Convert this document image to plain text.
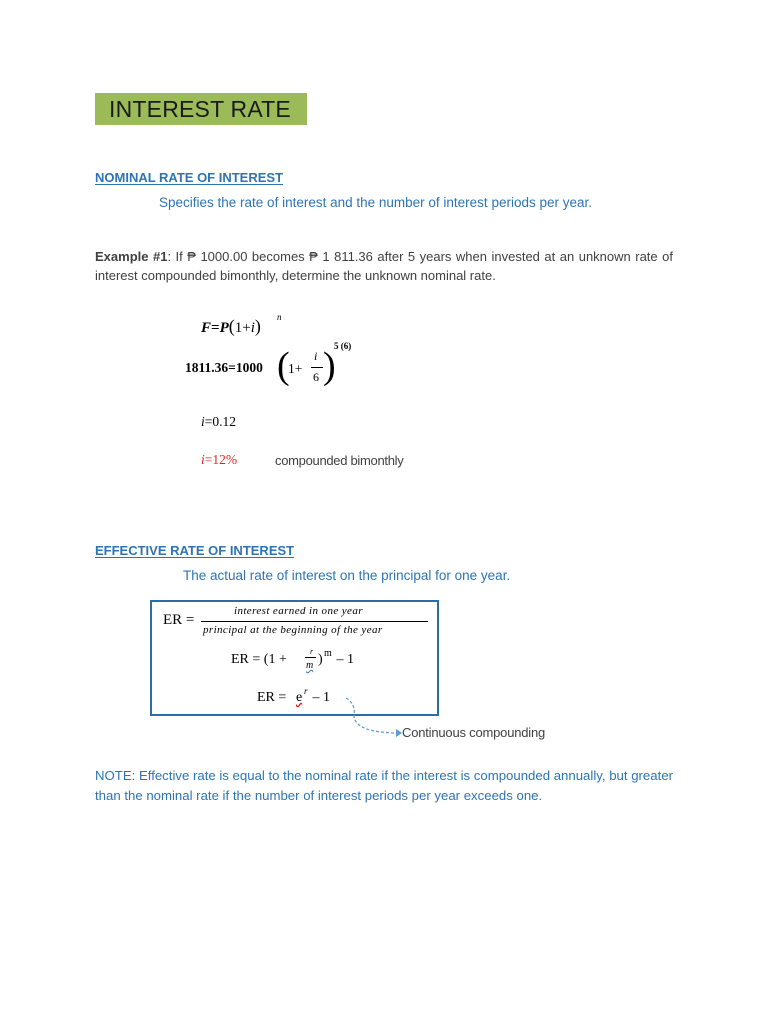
INTEREST RATE
NOMINAL RATE OF INTEREST
Specifies the rate of interest and the number of interest periods per year.
Example #1: If ₱ 1000.00 becomes ₱ 1 811.36 after 5 years when invested at an unknown rate of interest compounded bimonthly, determine the unknown nominal rate.
F=P(1+i) n
1811.36=1000 (
1+
i
6 )
5 (6)
i=0.12
i=12%	compounded bimonthly
EFFECTIVE RATE OF INTEREST
The actual rate of interest on the principal for one year.
ER =
interest earned in one year
principal at the beginning of the year
ER = (1 +
r
m ) m – 1
ER = e r – 1
Continuous compounding
NOTE: Effective rate is equal to the nominal rate if the interest is compounded annually, but greater than the nominal rate if the number of interest periods per year exceeds one.
